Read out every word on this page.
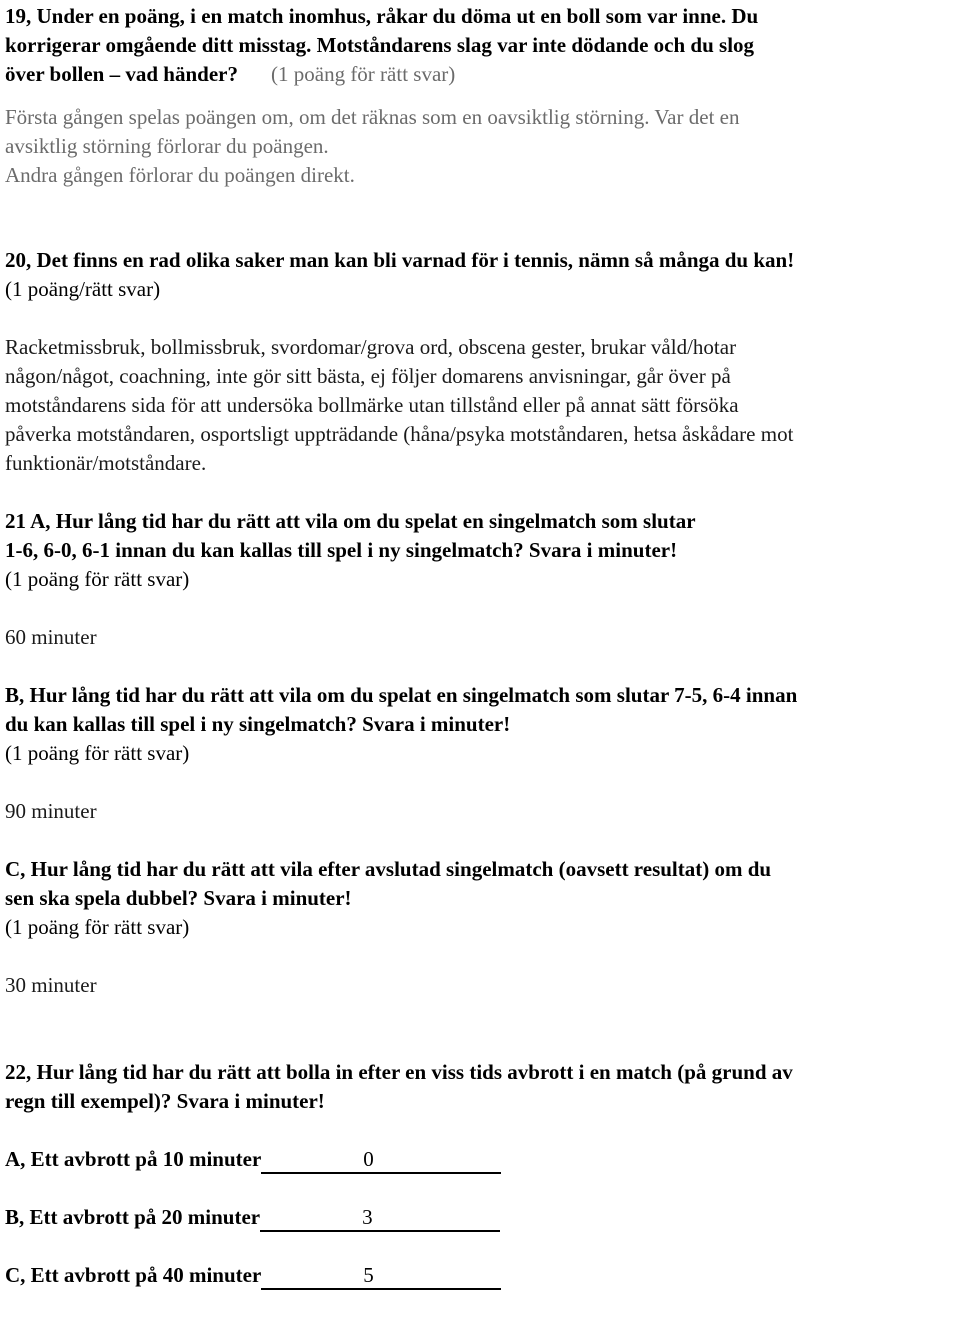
19, Under en poäng, i en match inomhus, råkar du döma ut en boll som var inne. Du
korrigerar omgående ditt misstag. Motståndarens slag var inte dödande och du slog
över bollen – vad händer?	(1 poäng för rätt svar)

Första gången spelas poängen om, om det räknas som en oavsiktlig störning. Var det en
avsiktlig störning förlorar du poängen.
Andra gången förlorar du poängen direkt.

20, Det finns en rad olika saker man kan bli varnad för i tennis, nämn så många du kan!

(1 poäng/rätt svar)

Racketmissbruk, bollmissbruk, svordomar/grova ord, obscena gester, brukar våld/hotar
någon/något, coachning, inte gör sitt bästa, ej följer domarens anvisningar, går över på
motståndarens sida för att undersöka bollmärke utan tillstånd eller på annat sätt försöka
påverka motståndaren, osportsligt uppträdande (håna/psyka motståndaren, hetsa åskådare mot
funktionär/motståndare.

21 A, Hur lång tid har du rätt att vila om du spelat en singelmatch som slutar
1-6, 6-0, 6-1 innan du kan kallas till spel i ny singelmatch? Svara i minuter!

(1 poäng för rätt svar)

60 minuter

B, Hur lång tid har du rätt att vila om du spelat en singelmatch som slutar 7-5, 6-4 innan
du kan kallas till spel i ny singelmatch? Svara i minuter!

(1 poäng för rätt svar)

90 minuter

C, Hur lång tid har du rätt att vila efter avslutad singelmatch (oavsett resultat) om du
sen ska spela dubbel? Svara i minuter!

(1 poäng för rätt svar)

30 minuter

22, Hur lång tid har du rätt att bolla in efter en viss tids avbrott i en match (på grund av
regn till exempel)? Svara i minuter!

A, Ett avbrott på 10 minuter	0
B, Ett avbrott på 20 minuter	3
C, Ett avbrott på 40 minuter	5
